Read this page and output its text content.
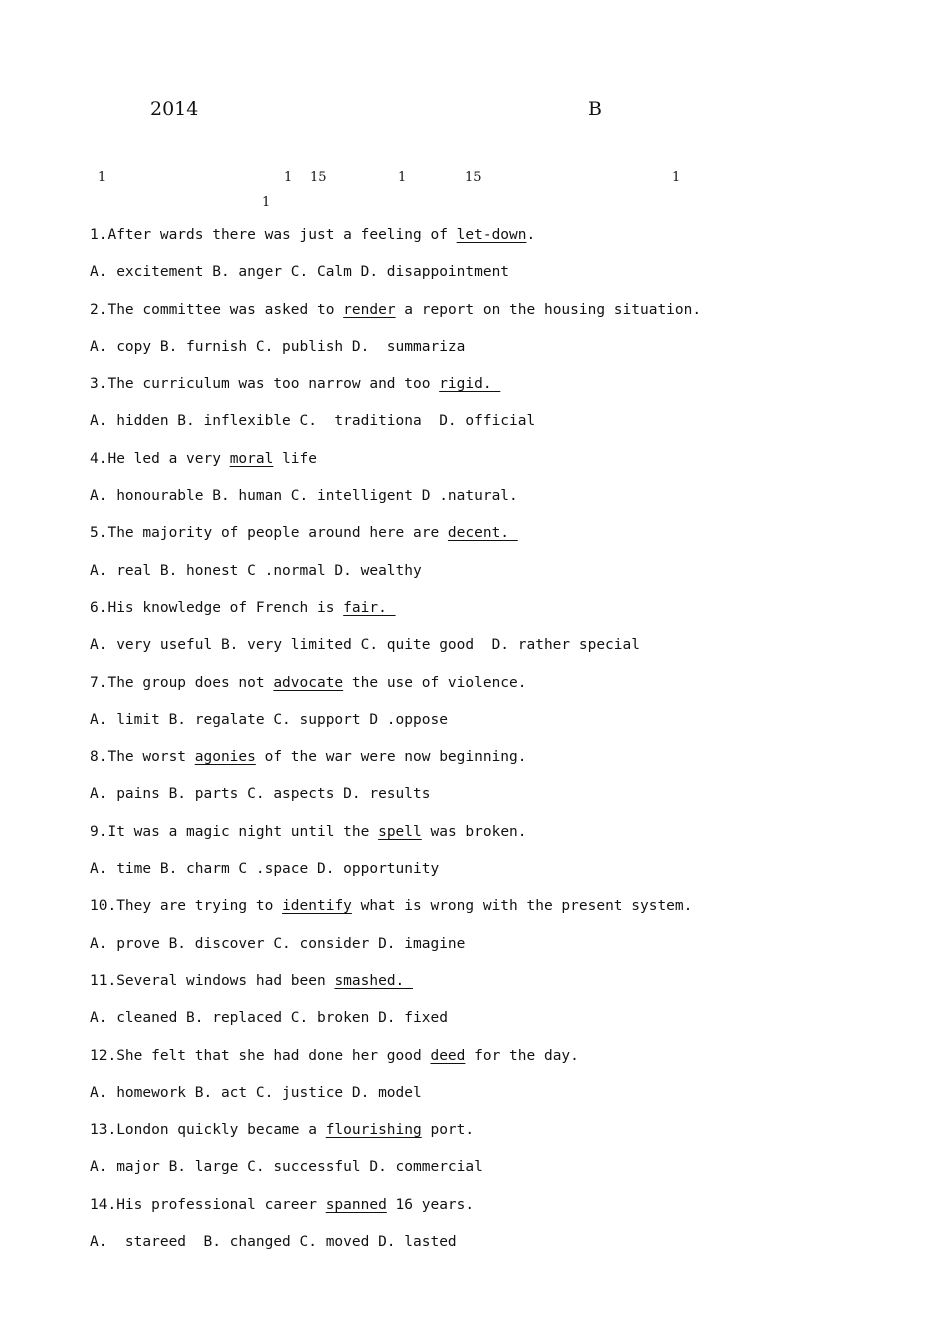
2014	B
1	1 15	1	15	1
1
1.After wards there was just a feeling of let-down.
A. excitement B. anger C. Calm D. disappointment
2.The committee was asked to render a report on the housing situation.
A. copy B. furnish C. publish D.  summariza
3.The curriculum was too narrow and too rigid.
A. hidden B. inflexible C.  traditiona  D. official
4.He led a very moral life
A. honourable B. human C. intelligent D .natural.
5.The majority of people around here are decent.
A. real B. honest C .normal D. wealthy
6.His knowledge of French is fair.
A. very useful B. very limited C. quite good  D. rather special
7.The group does not advocate the use of violence.
A. limit B. regalate C. support D .oppose
8.The worst agonies of the war were now beginning.
A. pains B. parts C. aspects D. results
9.It was a magic night until the spell was broken.
A. time B. charm C .space D. opportunity
10.They are trying to identify what is wrong with the present system.
A. prove B. discover C. consider D. imagine
11.Several windows had been smashed.
A. cleaned B. replaced C. broken D. fixed
12.She felt that she had done her good deed for the day.
A. homework B. act C. justice D. model
13.London quickly became a flourishing port.
A. major B. large C. successful D. commercial
14.His professional career spanned 16 years.
A.  stareed  B. changed C. moved D. lasted
